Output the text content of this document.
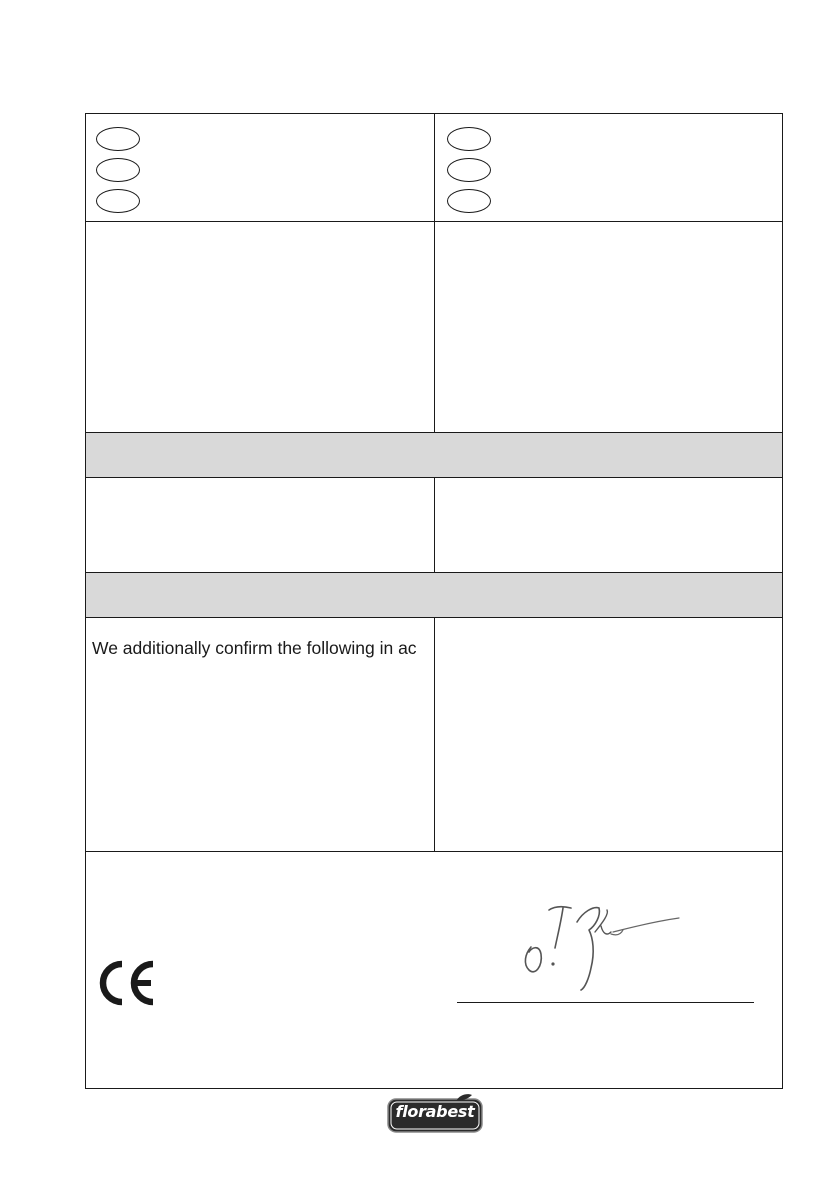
We additionally confirm the following in ac
florabest
